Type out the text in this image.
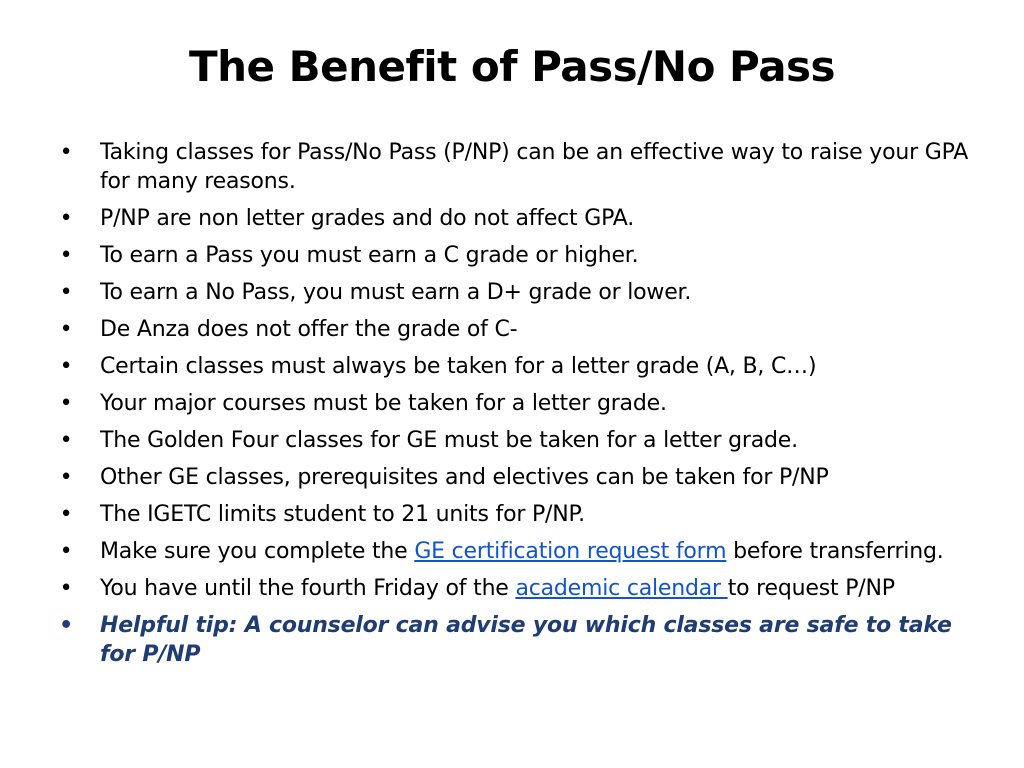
The Benefit of Pass/No Pass
• Taking classes for Pass/No Pass (P/NP) can be an effective way to raise your GPA for many reasons.
• P/NP are non letter grades and do not affect GPA.
• To earn a Pass you must earn a C grade or higher.
• To earn a No Pass, you must earn a D+ grade or lower.
• De Anza does not offer the grade of C-
• Certain classes must always be taken for a letter grade (A, B, C…)
• Your major courses must be taken for a letter grade.
• The Golden Four classes for GE must be taken for a letter grade.
• Other GE classes, prerequisites and electives can be taken for P/NP
• The IGETC limits student to 21 units for P/NP.
• Make sure you complete the GE certification request form before transferring.
• You have until the fourth Friday of the academic calendar to request P/NP
• Helpful tip: A counselor can advise you which classes are safe to take for P/NP
